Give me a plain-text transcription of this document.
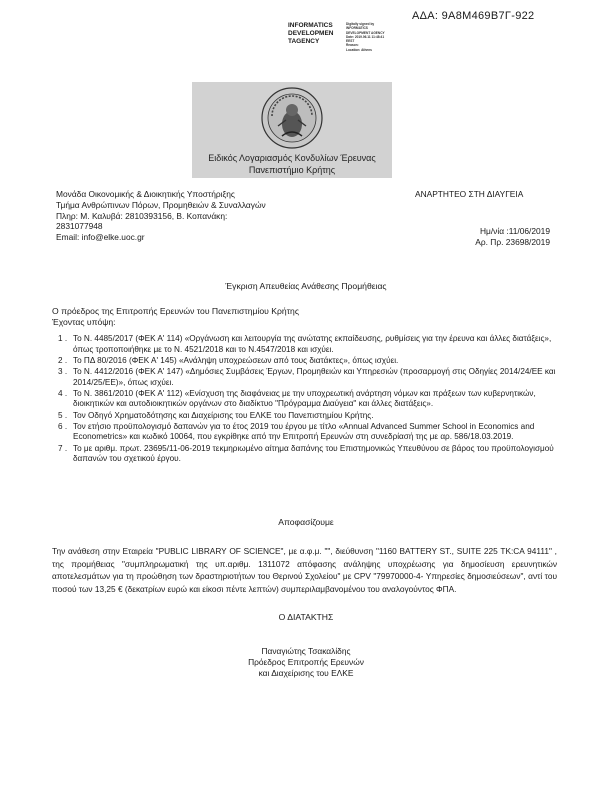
ΑΔΑ: 9Α8Μ469Β7Γ-922
INFORMATICS
DEVELOPMEN
TAGENCY
Digitally signed by
INFORMATICS
DEVELOPMENT AGENCY
Date: 2019.06.11 11:48:41
EEST
Reason:
Location: Athens
Ειδικός Λογαριασμός Κονδυλίων Έρευνας
Πανεπιστήμιο Κρήτης
Μονάδα Οικονομικής & Διοικητικής Υποστήριξης
Τμήμα Ανθρώπινων Πόρων, Προμηθειών & Συναλλαγών
Πληρ: Μ. Καλυβά: 2810393156, Β. Κοπανάκη:
2831077948
Email: info@elke.uoc.gr
ΑΝΑΡΤΗΤΕΟ ΣΤΗ ΔΙΑΥΓΕΙΑ
Ημ/νία :11/06/2019
Αρ. Πρ. 23698/2019
Έγκριση Απευθείας Ανάθεσης Προμήθειας
Ο πρόεδρος της Επιτροπής Ερευνών του Πανεπιστημίου Κρήτης
Έχοντας υπόψη:
1 . Το Ν. 4485/2017 (ΦΕΚ Α' 114) «Οργάνωση και λειτουργία της ανώτατης εκπαίδευσης, ρυθμίσεις για την έρευνα και άλλες διατάξεις», όπως τροποποιήθηκε με το Ν. 4521/2018 και το Ν.4547/2018 και ισχύει.
2 . Το ΠΔ 80/2016 (ΦΕΚ Α' 145) «Ανάληψη υποχρεώσεων από τους διατάκτες», όπως ισχύει.
3 . Το Ν. 4412/2016 (ΦΕΚ Α' 147) «Δημόσιες Συμβάσεις Έργων, Προμηθειών και Υπηρεσιών (προσαρμογή στις Οδηγίες 2014/24/ΕΕ και 2014/25/ΕΕ)», όπως ισχύει.
4 . Το Ν. 3861/2010 (ΦΕΚ Α' 112) «Ενίσχυση της διαφάνειας με την υποχρεωτική ανάρτηση νόμων και πράξεων των κυβερνητικών, διοικητικών και αυτοδιοικητικών οργάνων στο διαδίκτυο "Πρόγραμμα Διαύγεια" και άλλες διατάξεις».
5 . Τον Οδηγό Χρηματοδότησης και Διαχείρισης του ΕΛΚΕ του Πανεπιστημίου Κρήτης.
6 . Τον ετήσιο προϋπολογισμό δαπανών για το έτος 2019 του έργου με τίτλο «Annual Advanced Summer School in Economics and Econometrics» και κωδικό 10064, που εγκρίθηκε από την Επιτροπή Ερευνών στη συνεδρίασή της με αρ. 586/18.03.2019.
7 . Το με αριθμ. πρωτ. 23695/11-06-2019 τεκμηριωμένο αίτημα δαπάνης του Επιστημονικώς Υπευθύνου σε βάρος του προϋπολογισμού δαπανών του σχετικού έργου.
Αποφασίζουμε
Την ανάθεση στην Εταιρεία "PUBLIC LIBRARY OF SCIENCE", με α.φ.μ. "", διεύθυνση "1160 BATTERY ST., SUITE 225 TK:CA 94111" , της προμήθειας "συμπληρωματική της υπ.αριθμ. 1311072 απόφασης ανάληψης υποχρέωσης για δημοσίευση ερευνητικών αποτελεσμάτων για τη προώθηση των δραστηριοτήτων του Θερινού Σχολείου" με CPV "79970000-4- Υπηρεσίες δημοσιεύσεων", αντί του ποσού των 13,25 € (δεκατρίων ευρώ και είκοσι πέντε λεπτών) συμπεριλαμβανομένου του αναλογούντος ΦΠΑ.
Ο ΔΙΑΤΑΚΤΗΣ
Παναγιώτης Τσακαλίδης
Πρόεδρος Επιτροπής Ερευνών
και Διαχείρισης του ΕΛΚΕ
